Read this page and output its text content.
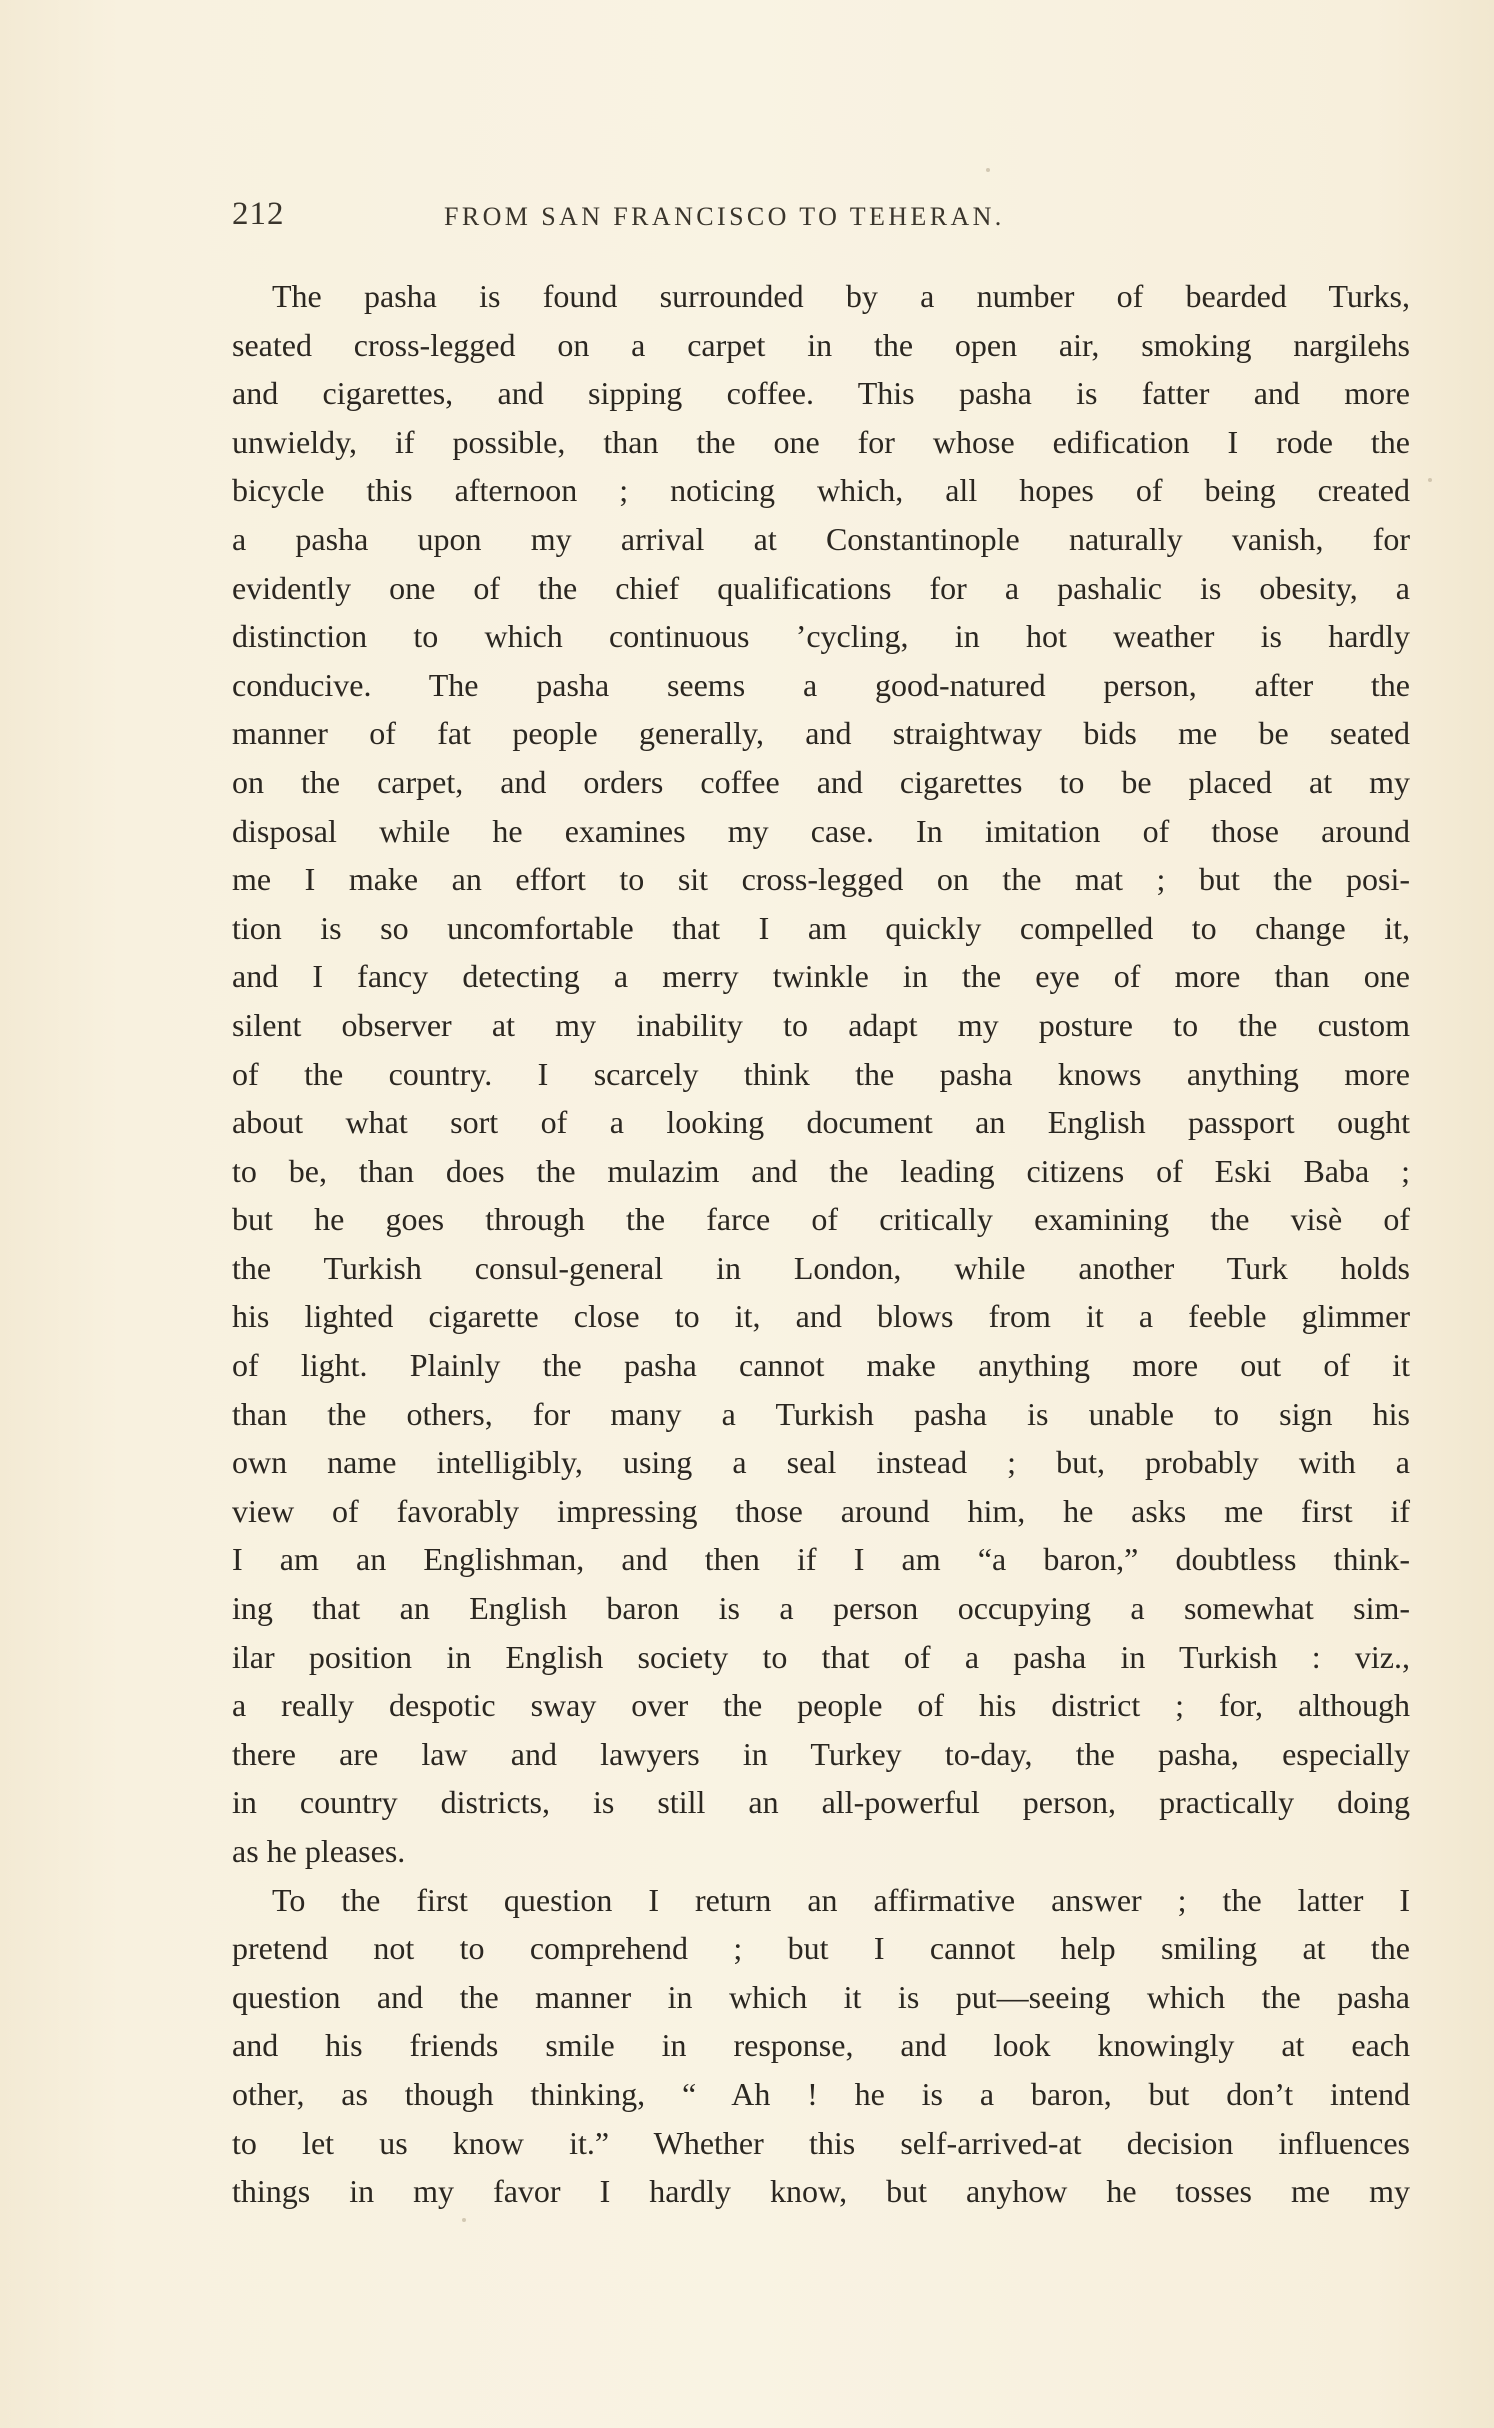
212	FROM SAN FRANCISCO TO TEHERAN.
The pasha is found surrounded by a number of bearded Turks,
seated cross-legged on a carpet in the open air, smoking nargilehs
and cigarettes, and sipping coffee. This pasha is fatter and more
unwieldy, if possible, than the one for whose edification I rode the
bicycle this afternoon ; noticing which, all hopes of being created
a pasha upon my arrival at Constantinople naturally vanish, for
evidently one of the chief qualifications for a pashalic is obesity, a
distinction to which continuous ’cycling, in hot weather is hardly
conducive. The pasha seems a good-natured person, after the
manner of fat people generally, and straightway bids me be seated
on the carpet, and orders coffee and cigarettes to be placed at my
disposal while he examines my case. In imitation of those around
me I make an effort to sit cross-legged on the mat ; but the posi-
tion is so uncomfortable that I am quickly compelled to change it,
and I fancy detecting a merry twinkle in the eye of more than one
silent observer at my inability to adapt my posture to the custom
of the country. I scarcely think the pasha knows anything more
about what sort of a looking document an English passport ought
to be, than does the mulazim and the leading citizens of Eski Baba ;
but he goes through the farce of critically examining the visè of
the Turkish consul-general in London, while another Turk holds
his lighted cigarette close to it, and blows from it a feeble glimmer
of light. Plainly the pasha cannot make anything more out of it
than the others, for many a Turkish pasha is unable to sign his
own name intelligibly, using a seal instead ; but, probably with a
view of favorably impressing those around him, he asks me first if
I am an Englishman, and then if I am “a baron,” doubtless think-
ing that an English baron is a person occupying a somewhat sim-
ilar position in English society to that of a pasha in Turkish : viz.,
a really despotic sway over the people of his district ; for, although
there are law and lawyers in Turkey to-day, the pasha, especially
in country districts, is still an all-powerful person, practically doing
as he pleases.
To the first question I return an affirmative answer ; the latter I
pretend not to comprehend ; but I cannot help smiling at the
question and the manner in which it is put—seeing which the pasha
and his friends smile in response, and look knowingly at each
other, as though thinking, “ Ah ! he is a baron, but don’t intend
to let us know it.” Whether this self-arrived-at decision influences
things in my favor I hardly know, but anyhow he tosses me my
